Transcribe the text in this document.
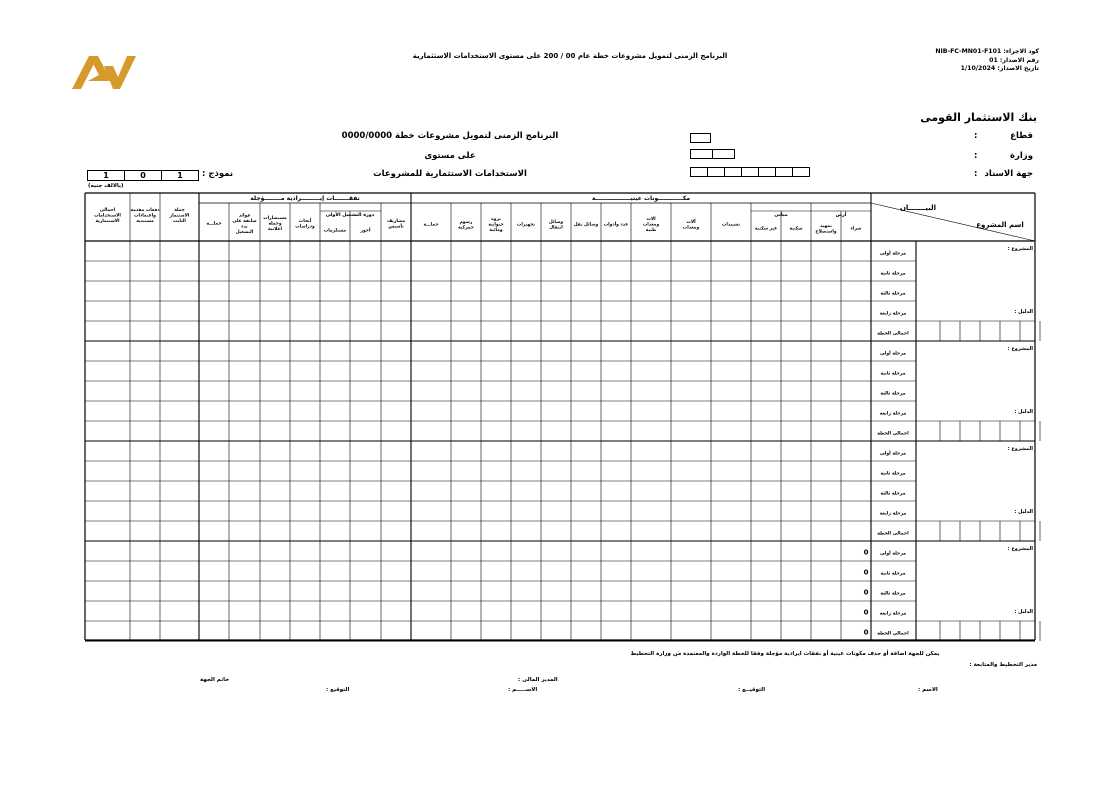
كود الاجراء: NIB-FC-MN01-F101
رقم الاصدار: 01
تاريخ الاصدار: 1/10/2024
البرنامج الزمنى لتمويل مشروعات خطة عام 00 / 200 على مستوى الاستخدامات الاستثمارية
بنك الاستثمار القومى
قطاع
:
وزارة
:
جهة الاسناد
:
البرنامج الزمنى لتمويل مشروعات خطة 0000/0000
على مستوى
الاستخدامات الاستثمارية للمشروعات
نموذج :
1	0	1
(بالالف جنيه)
مكــــــــــــونات عينيـــــــــــــــــة
نفقـــــــات إيـــــــــرادية مــــــــؤجلة
البيـــــــان
اسم المشروع
أرض
مبانى
دورة التشغيل الأولى
شراء
تمهيد
واستصلاح
سكنية
غير سكنية
تشييدات
آلات
ومعدات
الات
ومعدات
طبية
عدد وأدوات
وسائل نقل
وسائل
انتقال
تجهيزات
ثروة
حيوانية
ومائية
رسوم
جمركية
جملـــة
مصاريف
تأسيس
أجور
مستلزمات
أبحاث
ودراسات
مستشارات
وحملة
اعلانية
فوائد
سابقة على
بدء
التشغيل
جملـــة
جملة
الاستثمار
الثابت
دفعات مقدمة
واعتمادات
مستندية
اجمالى
الاستخدامات
الاستثمارية
مرحلة أولى
مرحلة ثانية
مرحلة ثالثة
مرحلة رابعة
اجمالى الخطة
المشروع :
الدليل :
مرحلة أولى
مرحلة ثانية
مرحلة ثالثة
مرحلة رابعة
اجمالى الخطة
المشروع :
الدليل :
مرحلة أولى
مرحلة ثانية
مرحلة ثالثة
مرحلة رابعة
اجمالى الخطة
المشروع :
الدليل :
مرحلة أولى
0
مرحلة ثانية
0
مرحلة ثالثة
0
مرحلة رابعة
0
اجمالى الخطة
0
المشروع :
الدليل :
يمكن للجهة اضافة أو حذف مكونات عينية أو نفقات ايرادية مؤجلة وفقا للخطة الواردة والمعتمدة من وزارة التخطيط
مدير التخطيط والمتابعة :
المدير المالى :
خاتم الجهة
الاسم :
التوقيــع :
الاســـــم :
التوقيع :
